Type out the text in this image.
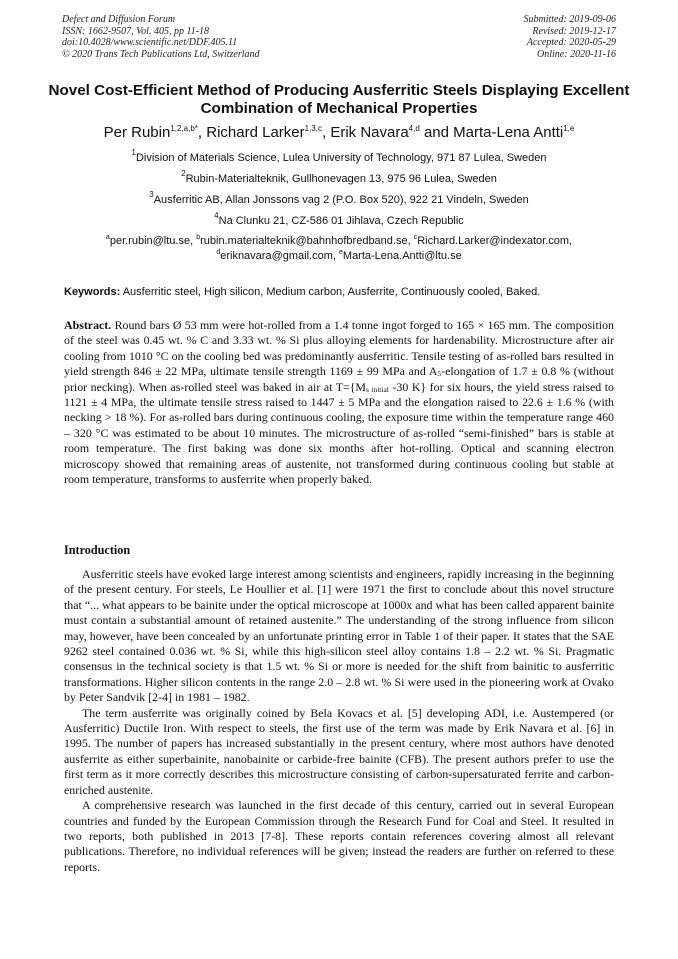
Defect and Diffusion Forum
ISSN: 1662-9507, Vol. 405, pp 11-18
doi:10.4028/www.scientific.net/DDF.405.11
© 2020 Trans Tech Publications Ltd, Switzerland
Submitted: 2019-09-06
Revised: 2019-12-17
Accepted: 2020-05-29
Online: 2020-11-16
Novel Cost-Efficient Method of Producing Ausferritic Steels Displaying Excellent Combination of Mechanical Properties
Per Rubin$^{1,2,a,b*}$, Richard Larker$^{1,3,c}$, Erik Navara$^{4,d}$ and Marta-Lena Antti$^{1,e}$
$^1$Division of Materials Science, Lulea University of Technology, 971 87 Lulea, Sweden
$^2$Rubin-Materialteknik, Gullhonevagen 13, 975 96 Lulea, Sweden
$^3$Ausferritic AB, Allan Jonssons vag 2 (P.O. Box 520), 922 21 Vindeln, Sweden
$^4$Na Clunku 21, CZ-586 01 Jihlava, Czech Republic
$^a$per.rubin@ltu.se, $^b$rubin.materialteknik@bahnhofbredband.se, $^c$Richard.Larker@indexator.com,
$^d$eriknavara@gmail.com, $^e$Marta-Lena.Antti@ltu.se
Keywords: Ausferritic steel, High silicon, Medium carbon, Ausferrite, Continuously cooled, Baked.
Abstract. Round bars Ø 53 mm were hot-rolled from a 1.4 tonne ingot forged to 165 × 165 mm. The composition of the steel was 0.45 wt. % C and 3.33 wt. % Si plus alloying elements for hardenability. Microstructure after air cooling from 1010 °C on the cooling bed was predominantly ausferritic. Tensile testing of as-rolled bars resulted in yield strength 846 ± 22 MPa, ultimate tensile strength 1169 ± 99 MPa and $A_5$-elongation of 1.7 ± 0.8 % (without prior necking). When as-rolled steel was baked in air at $T=\{M_{s initial}$ -30 K} for six hours, the yield stress raised to 1121 ± 4 MPa, the ultimate tensile stress raised to 1447 ± 5 MPa and the elongation raised to 22.6 ± 1.6 % (with necking > 18 %). For as-rolled bars during continuous cooling, the exposure time within the temperature range 460 – 320 °C was estimated to be about 10 minutes. The microstructure of as-rolled “semi-finished” bars is stable at room temperature. The first baking was done six months after hot-rolling. Optical and scanning electron microscopy showed that remaining areas of austenite, not transformed during continuous cooling but stable at room temperature, transforms to ausferrite when properly baked.
Introduction

Ausferritic steels have evoked large interest among scientists and engineers, rapidly increasing in the beginning of the present century. For steels, Le Houllier et al. [1] were 1971 the first to conclude about this novel structure that “... what appears to be bainite under the optical microscope at 1000x and what has been called apparent bainite must contain a substantial amount of retained austenite.” The understanding of the strong influence from silicon may, however, have been concealed by an unfortunate printing error in Table 1 of their paper. It states that the SAE 9262 steel contained 0.036 wt. % Si, while this high-silicon steel alloy contains 1.8 – 2.2 wt. % Si. Pragmatic consensus in the technical society is that 1.5 wt. % Si or more is needed for the shift from bainitic to ausferritic transformations. Higher silicon contents in the range 2.0 – 2.8 wt. % Si were used in the pioneering work at Ovako by Peter Sandvik [2-4] in 1981 – 1982.

The term ausferrite was originally coined by Bela Kovacs et al. [5] developing ADI, i.e. Austempered (or Ausferritic) Ductile Iron. With respect to steels, the first use of the term was made by Erik Navara et al. [6] in 1995. The number of papers has increased substantially in the present century, where most authors have denoted ausferrite as either superbainite, nanobainite or carbide-free bainite (CFB). The present authors prefer to use the first term as it more correctly describes this microstructure consisting of carbon-supersaturated ferrite and carbon-enriched austenite.

A comprehensive research was launched in the first decade of this century, carried out in several European countries and funded by the European Commission through the Research Fund for Coal and Steel. It resulted in two reports, both published in 2013 [7-8]. These reports contain references covering almost all relevant publications. Therefore, no individual references will be given; instead the readers are further on referred to these reports.
